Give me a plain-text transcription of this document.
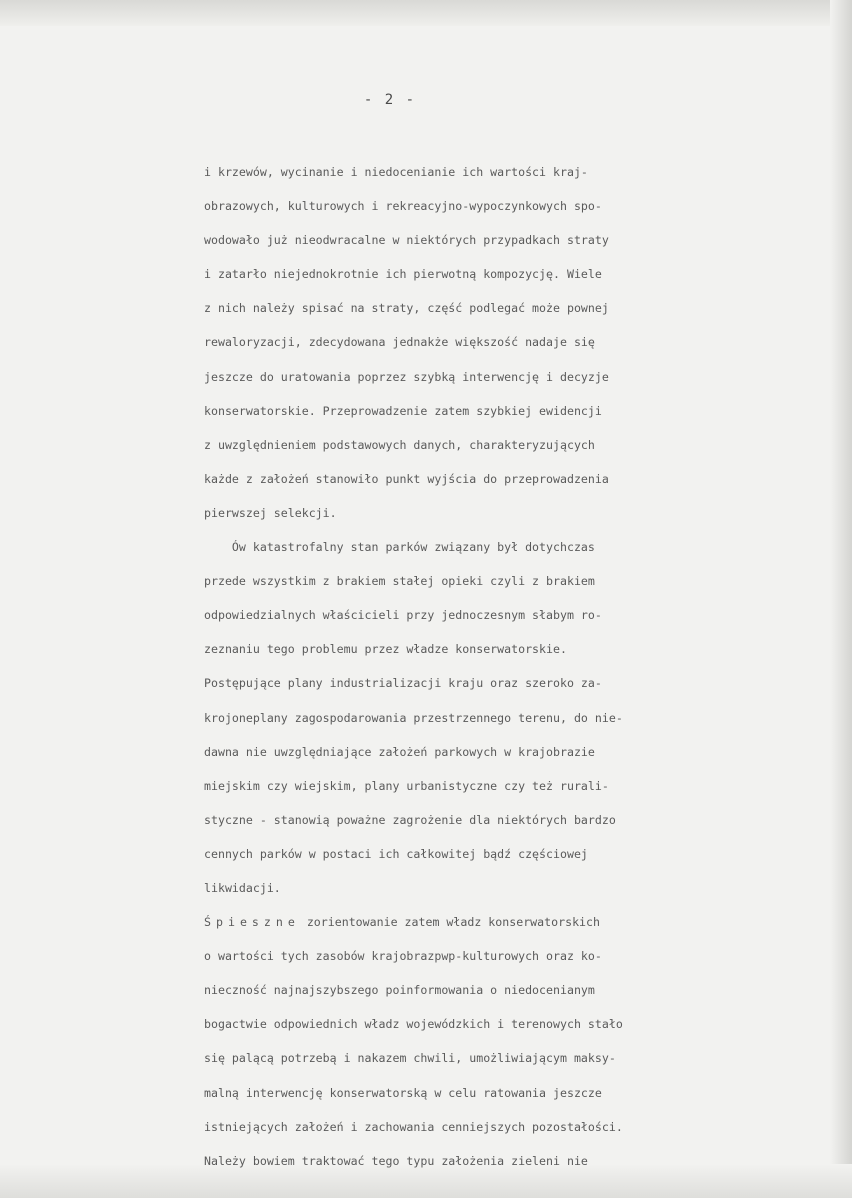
- 2 -
i krzewów, wycinanie i niedocenianie ich wartości kraj-
obrazowych, kulturowych i rekreacyjno-wypoczynkowych spo-
wodowało już nieodwracalne w niektórych przypadkach straty
i zatarło niejednokrotnie ich pierwotną kompozycję. Wiele
z nich należy spisać na straty, część podlegać może pownej
rewaloryzacji, zdecydowana jednakże większość nadaje się
jeszcze do uratowania poprzez szybką interwencję i decyzje
konserwatorskie. Przeprowadzenie zatem szybkiej ewidencji
z uwzględnieniem podstawowych danych, charakteryzujących
każde z założeń stanowiło punkt wyjścia do przeprowadzenia
pierwszej selekcji.
Ów katastrofalny stan parków związany był dotychczas
przede wszystkim z brakiem stałej opieki czyli z brakiem
odpowiedzialnych właścicieli przy jednoczesnym słabym ro-
zeznaniu tego problemu przez władze konserwatorskie.
Postępujące plany industrializacji kraju oraz szeroko za-
krojoneplany zagospodarowania przestrzennego terenu, do nie-
dawna nie uwzględniające założeń parkowych w krajobrazie
miejskim czy wiejskim, plany urbanistyczne czy też rurali-
styczne - stanowią poważne zagrożenie dla niektórych bardzo
cennych parków w postaci ich całkowitej bądź częściowej
likwidacji.
Śpieszne zorientowanie zatem władz konserwatorskich
o wartości tych zasobów krajobrazpwp-kulturowych oraz ko-
nieczność najnajszybszego poinformowania o niedocenianym
bogactwie odpowiednich władz wojewódzkich i terenowych stało
się palącą potrzebą i nakazem chwili, umożliwiającym maksy-
malną interwencję konserwatorską w celu ratowania jeszcze
istniejących założeń i zachowania cenniejszych pozostałości.
Należy bowiem traktować tego typu założenia zieleni nie
